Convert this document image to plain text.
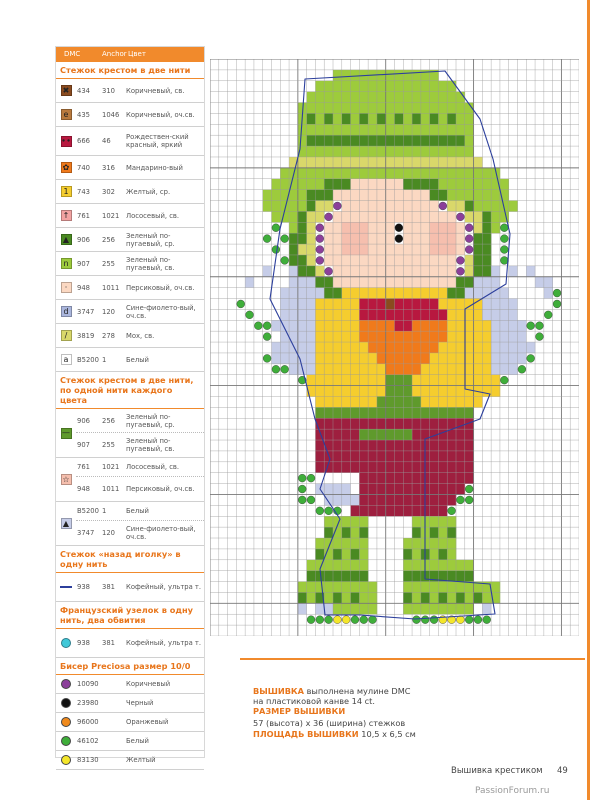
DMC	Anchor Цвет
Стежок крестом в две нити
✖ 434	310	Коричневый, св.
e	435	1046 Коричневый, оч.св.
∙∙ 666	46	Рождествен-ский красный, яркий
✿ 740	316	Мандарино-вый
1 743	302	Желтый, ср.
↑ 761	1021 Лососевый, св.
▲ 906	256	Зеленый по-пугаевый, ср.
n 907	255	Зеленый по-пугаевый, св.
·	948	1011 Персиковый, оч.св.
d 3747	120	Сине-фиолето-вый, оч.св.
/	3819	278	Мох, св.
a	B5200 1	Белый
Стежок крестом в две нити, по одной нити каждого цвета
—
906	256	Зеленый по-пугаевый, ср.
907	255	Зеленый по-пугаевый, св.
☆
761	1021 Лососевый, св.
948	1011 Персиковый, оч.св.
▲
B5200 1	Белый
3747	120	Сине-фиолето-вый, оч.св.
Стежок «назад иголку» в одну нить
938	381	Кофейный, ультра т.
Французский узелок в одну нить, два обвития
938	381	Кофейный, ультра т.
Бисер Preciosa размер 10/0
10090	Коричневый
23980	Черный
96000	Оранжевый
46102	Белый
83130	Желтый

ВЫШИВКА выполнена мулине DMC

на пластиковой канве 14 ct.

РАЗМЕР ВЫШИВКИ

57 (высота) х 36 (ширина) стежков

ПЛОЩАДЬ ВЫШИВКИ 10,5 х 6,5 см

Вышивка крестиком 49
PassionForum.ru
